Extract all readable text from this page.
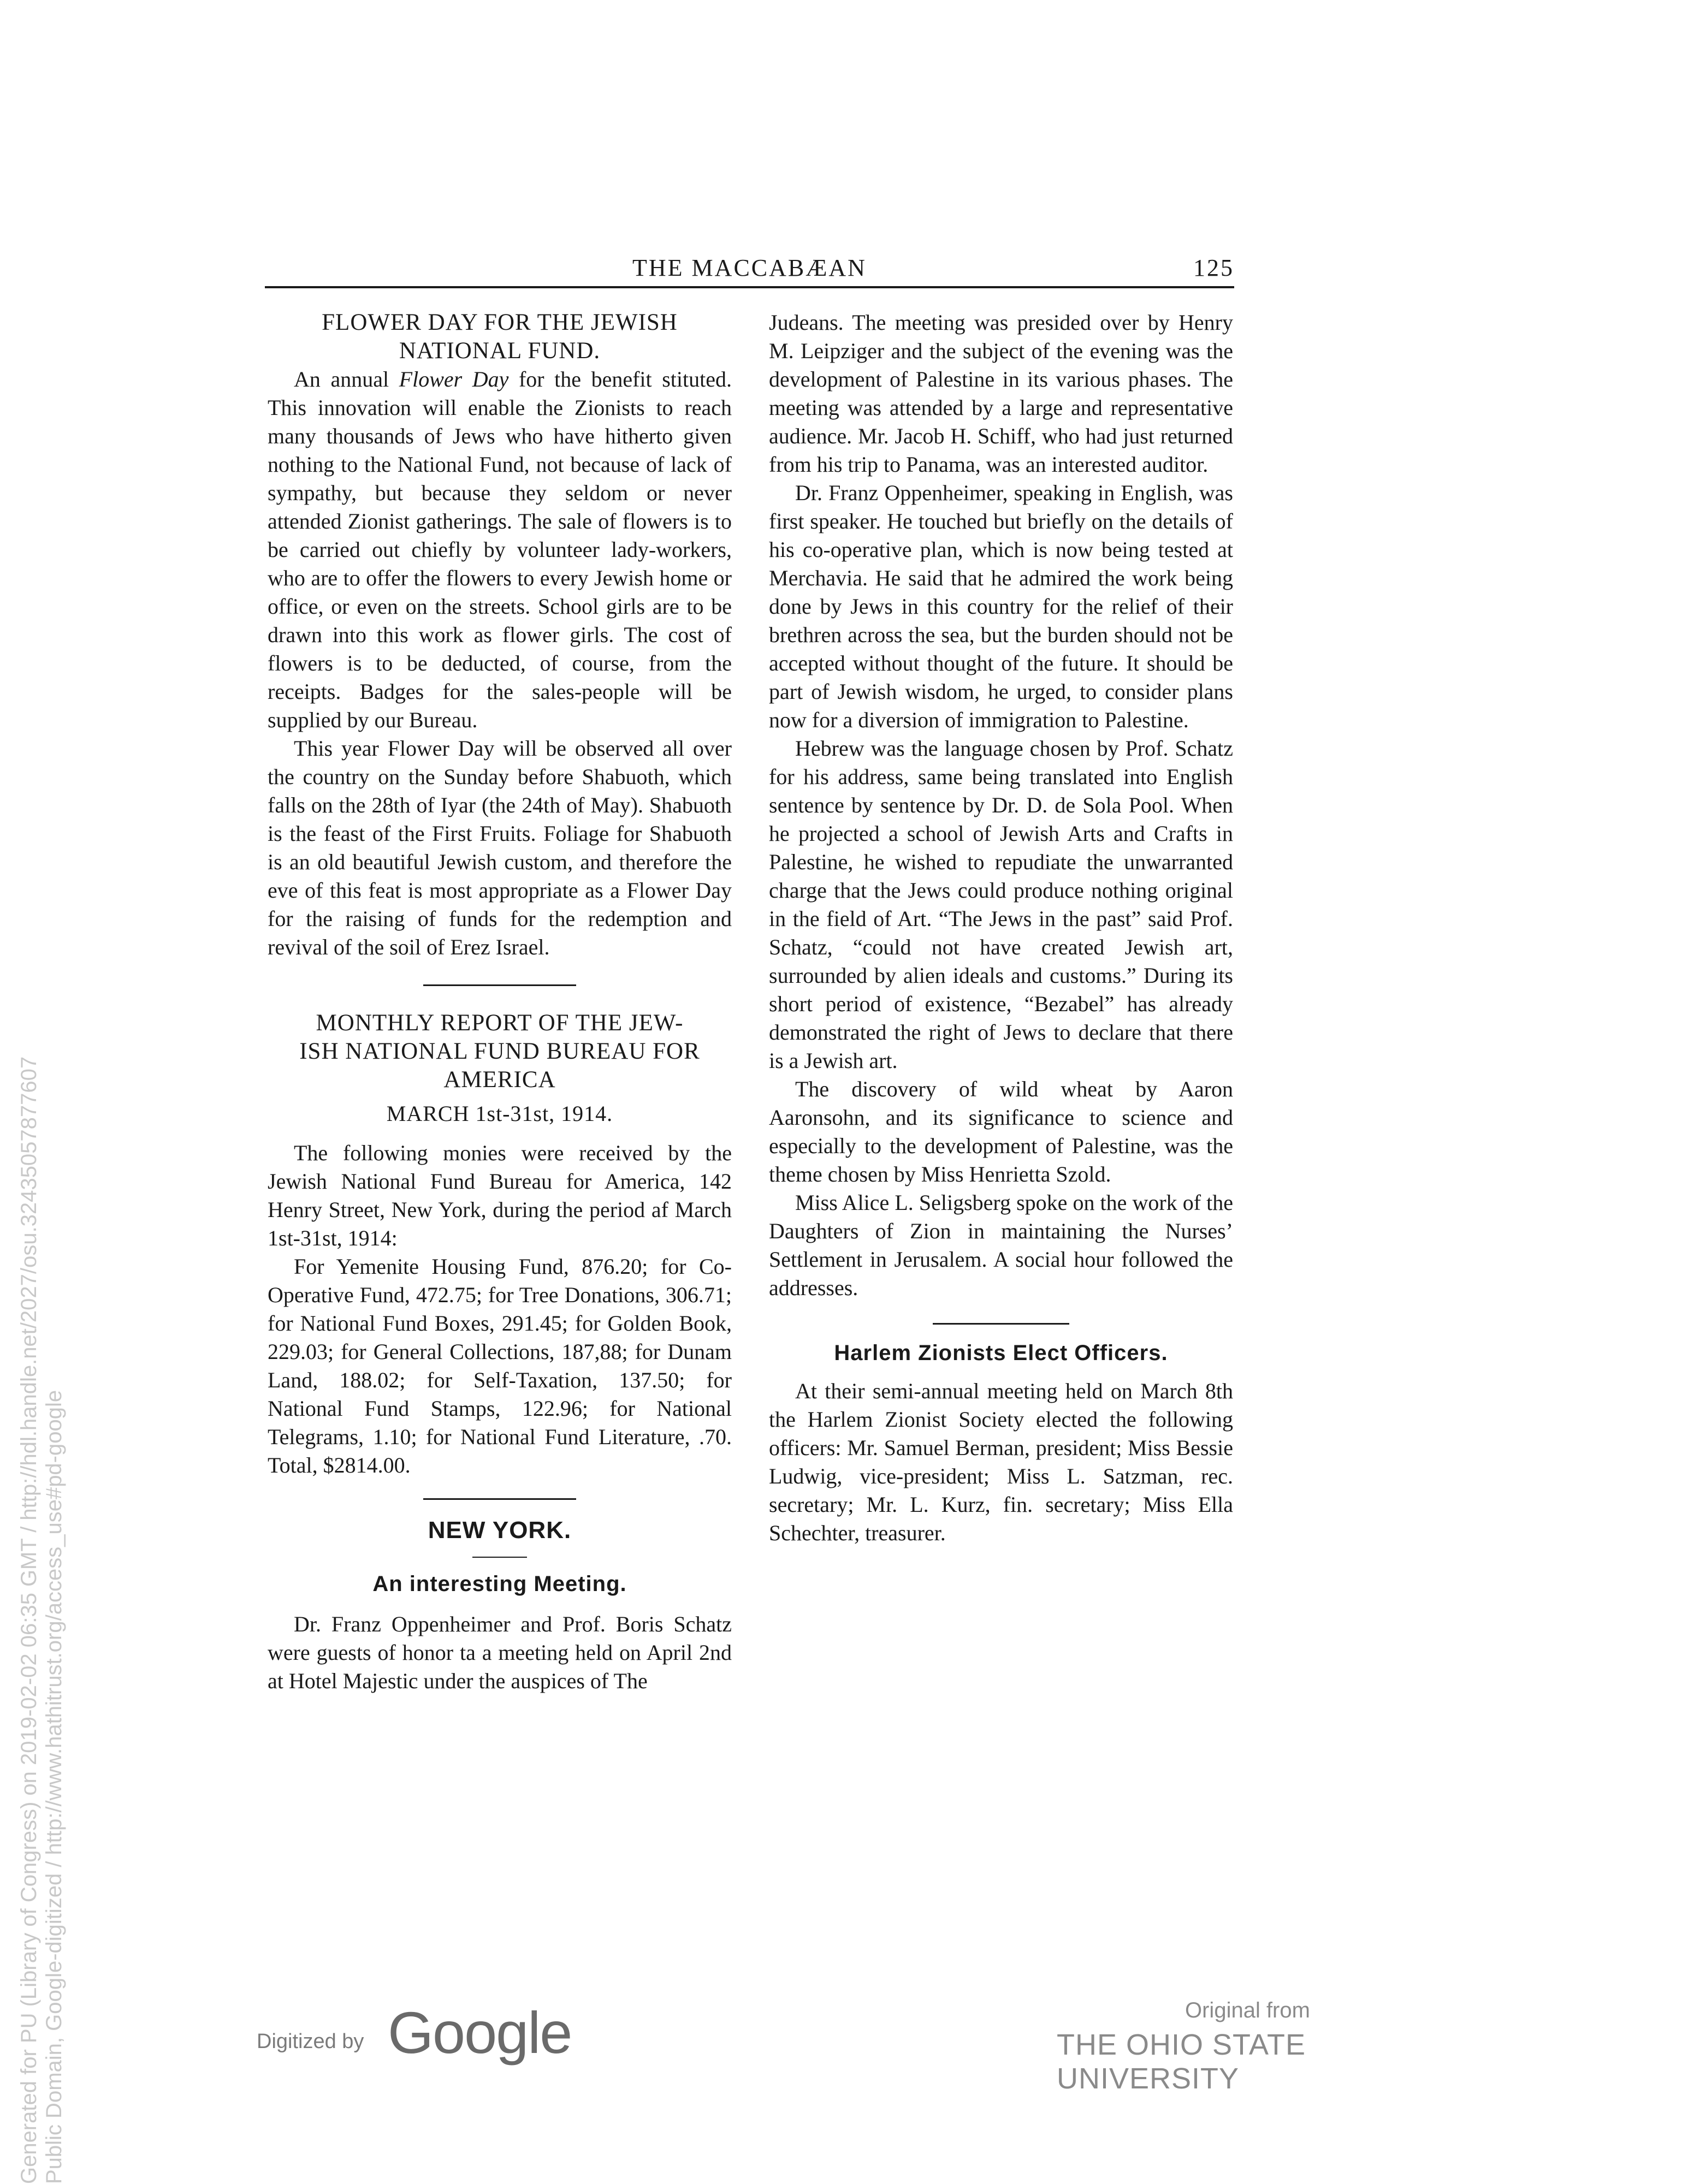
THE MACCABÆAN	125
FLOWER DAY FOR THE JEWISH
NATIONAL FUND.

An annual Flower Day for the benefit stituted. This innovation will enable the Zionists to reach many thousands of Jews who have hitherto given nothing to the National Fund, not because of lack of sympathy, but because they seldom or never attended Zionist gatherings. The sale of flowers is to be carried out chiefly by volunteer lady-workers, who are to offer the flowers to every Jewish home or office, or even on the streets. School girls are to be drawn into this work as flower girls. The cost of flowers is to be deducted, of course, from the receipts. Badges for the sales-people will be supplied by our Bureau.

This year Flower Day will be observed all over the country on the Sunday before Shabuoth, which falls on the 28th of Iyar (the 24th of May). Shabuoth is the feast of the First Fruits. Foliage for Shabuoth is an old beautiful Jewish custom, and therefore the eve of this feat is most appropriate as a Flower Day for the raising of funds for the redemption and revival of the soil of Erez Israel.

MONTHLY REPORT OF THE JEW-
ISH NATIONAL FUND BUREAU FOR
AMERICA
MARCH 1st-31st, 1914.

The following monies were received by the Jewish National Fund Bureau for America, 142 Henry Street, New York, during the period af March 1st-31st, 1914:

For Yemenite Housing Fund, 876.20; for Co-Operative Fund, 472.75; for Tree Donations, 306.71; for National Fund Boxes, 291.45; for Golden Book, 229.03; for General Collections, 187,88; for Dunam Land, 188.02; for Self-Taxation, 137.50; for National Fund Stamps, 122.96; for National Telegrams, 1.10; for National Fund Literature, .70. Total, $2814.00.

NEW YORK.
An interesting Meeting.

Dr. Franz Oppenheimer and Prof. Boris Schatz were guests of honor ta a meeting held on April 2nd at Hotel Majestic under the auspices of The

Judeans. The meeting was presided over by Henry M. Leipziger and the subject of the evening was the development of Palestine in its various phases. The meeting was attended by a large and representative audience. Mr. Jacob H. Schiff, who had just returned from his trip to Panama, was an interested auditor.

Dr. Franz Oppenheimer, speaking in English, was first speaker. He touched but briefly on the details of his co-operative plan, which is now being tested at Merchavia. He said that he admired the work being done by Jews in this country for the relief of their brethren across the sea, but the burden should not be accepted without thought of the future. It should be part of Jewish wisdom, he urged, to consider plans now for a diversion of immigration to Palestine.

Hebrew was the language chosen by Prof. Schatz for his address, same being translated into English sentence by sentence by Dr. D. de Sola Pool. When he projected a school of Jewish Arts and Crafts in Palestine, he wished to repudiate the unwarranted charge that the Jews could produce nothing original in the field of Art. “The Jews in the past” said Prof. Schatz, “could not have created Jewish art, surrounded by alien ideals and customs.” During its short period of existence, “Bezabel” has already demonstrated the right of Jews to declare that there is a Jewish art.

The discovery of wild wheat by Aaron Aaronsohn, and its significance to science and especially to the development of Palestine, was the theme chosen by Miss Henrietta Szold.

Miss Alice L. Seligsberg spoke on the work of the Daughters of Zion in maintaining the Nurses’ Settlement in Jerusalem. A social hour followed the addresses.

Harlem Zionists Elect Officers.

At their semi-annual meeting held on March 8th the Harlem Zionist Society elected the following officers: Mr. Samuel Berman, president; Miss Bessie Ludwig, vice-president; Miss L. Satzman, rec. secretary; Mr. L. Kurz, fin. secretary; Miss Ella Schechter, treasurer.

Generated for PU (Library of Congress) on 2019-02-02 06:35 GMT / http://hdl.handle.net/2027/osu.32435057877607 Public Domain, Google-digitized / http://www.hathitrust.org/access_use#pd-google	Digitized by Google	Original from
THE OHIO STATE UNIVERSITY
